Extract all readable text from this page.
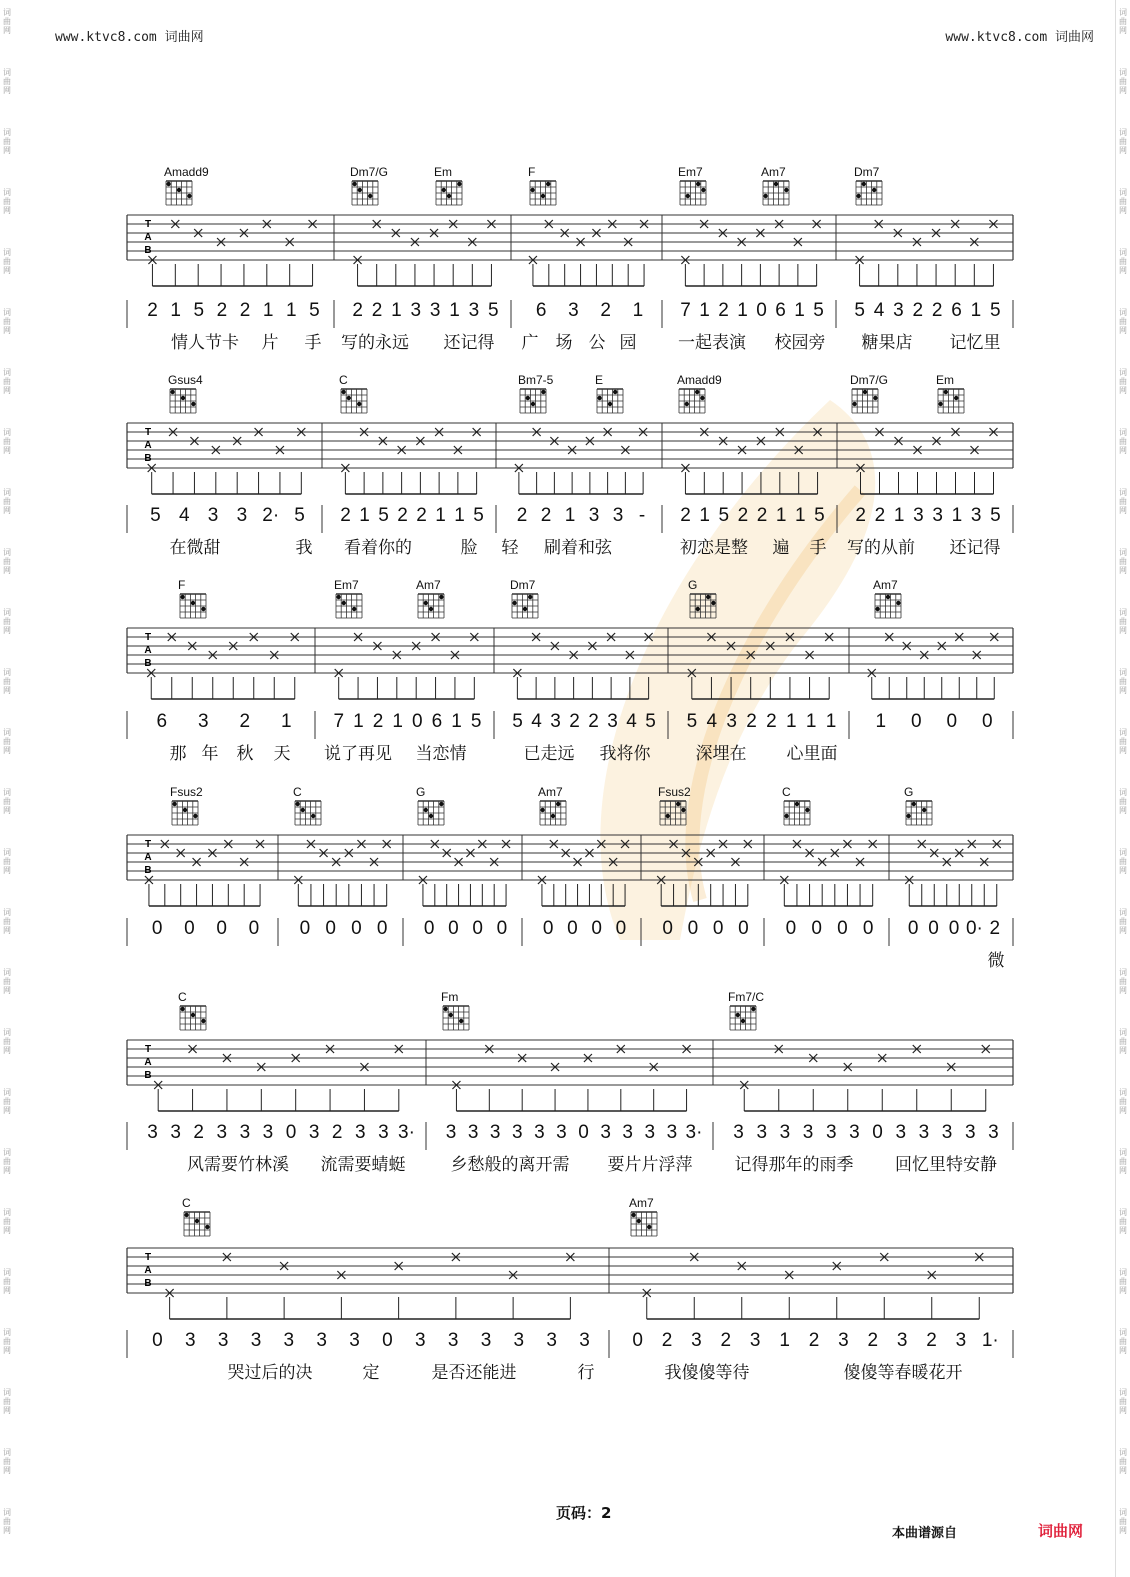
www.ktvc8.com 词曲网	www.ktvc8.com 词曲网
词
曲
网
词
曲
网
词
曲
网
词
曲
网
词
曲
网
词
曲
网
词
曲
网
词
曲
网
词
曲
网
词
曲
网
词
曲
网
词
曲
网
词
曲
网
词
曲
网
词
曲
网
词
曲
网
词
曲
网
词
曲
网
词
曲
网
词
曲
网
词
曲
网
词
曲
网
词
曲
网
词
曲
网
词
曲
网
词
曲
网
词
曲
网
词
曲
网
词
曲
网
词
曲
网
词
曲
网
词
曲
网
词
曲
网
词
曲
网
词
曲
网
词
曲
网
词
曲
网
词
曲
网
词
曲
网
词
曲
网
词
曲
网
词
曲
网
词
曲
网
词
曲
网
词
曲
网
词
曲
网
词
曲
网
词
曲
网
词
曲
网
词
曲
网
词
曲
网
词
曲
网
T
A
B
Amadd9	Dm7/G	Em	F	Em7	Am7	Dm7
2 1 5 2 2 1 1 5 2 2 1 3 3 1 3 5 6 3 2 1 7 1 2 1 0 6 1 5 5 4 3 2 2 6 1 5
情人节卡 片 手 写的永远 还记得 广 场 公 园 一起表演 校园旁 糖果店 记忆里
T
A
B
Gsus4	C	Bm7-5	E	Amadd9	Dm7/G	Em
5 4 3 3 2· 5 2 1 5 2 2 1 1 5 2 2 1 3 3 - 2 1 5 2 2 1 1 5 2 2 1 3 3 1 3 5
在微甜	我 看着你的	脸 轻 刷着和弦	初恋是整 遍 手 写的从前 还记得
T
A
B
F	Em7	Am7	Dm7	G	Am7
6 3 2 1 7 1 2 1 0 6 1 5 5 4 3 2 2 3 4 5 5 4 3 2 2 1 1 1 1 0 0 0
那 年 秋 天 说了再见 当恋情	已走远 我将你	深埋在 心里面
T
A
B
Fsus2	C	G	Am7	Fsus2	C	G
0 0 0 0 0 0 0 0 0 0 0 0 0 0 0 0 0 0 0 0 0 0 0 0 0 0 0 0· 2
微
T
A
B
C	Fm	Fm7/C
3 3 2 3 3 3 0 3 2 3 3 3· 3 3 3 3 3 3 0 3 3 3 3 3· 3 3 3 3 3 3 0 3 3 3 3 3
风需要竹林溪 流需要蜻蜓	乡愁般的离开需 要片片浮萍 记得那年的雨季 回忆里特安静
T
A
B
C	Am7
0 3 3 3 3 3 3 0 3 3 3 3 3 3 0 2 3 2 3 1 2 3 2 3 2 3 1·
哭过后的决	定	是否还能进	行	我傻傻等待	傻傻等春暖花开
页码：2
本曲谱源自	词曲网
